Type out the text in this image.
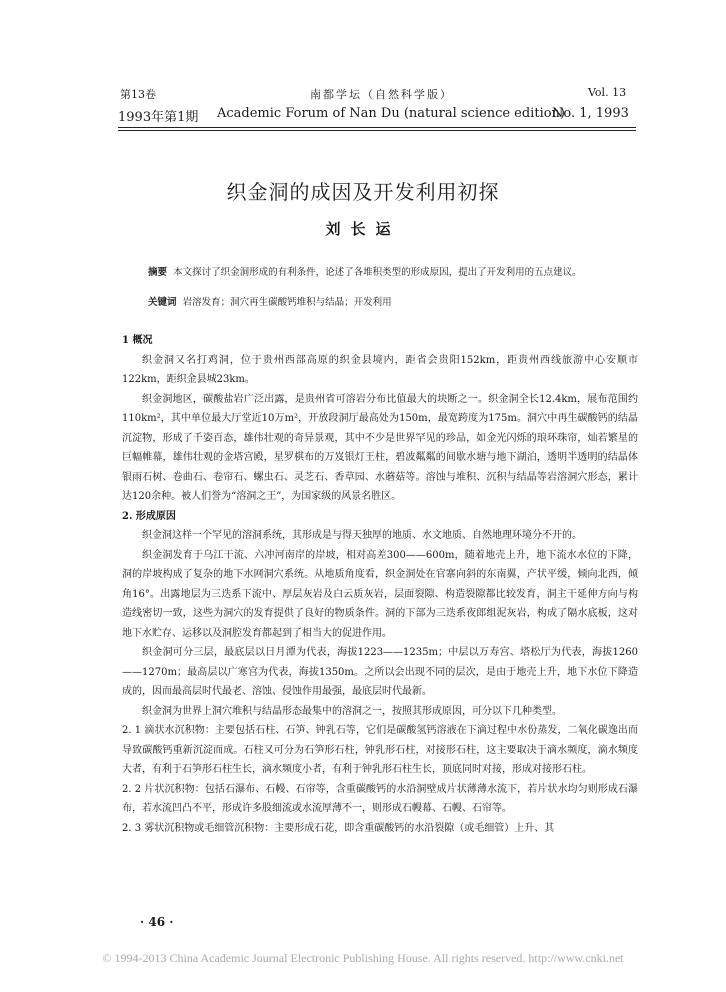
第13卷	南都学坛（自然科学版）	Vol. 13
1993年第1期 Academic Forum of Nan Du (natural science edition)
No. 1, 1993
织金洞的成因及开发利用初探
刘长运
摘要 本文探讨了织金洞形成的有利条件，论述了各堆积类型的形成原因，提出了开发利用的五点建议。
关键词 岩溶发育；洞穴再生碳酸钙堆积与结晶；开发利用
1 概况

织金洞又名打鸡洞，位于贵州西部高原的织金县境内，距省会贵阳152km，距贵州西线旅游中心安顺市122km，距织金县城23km。

织金洞地区，碳酸盐岩广泛出露，是贵州省可溶岩分布比值最大的块断之一。织金洞全长12.4km，展布范围约110km²，其中单位最大厅堂近10万m²，开放段洞厅最高处为150m，最宽跨度为175m。洞穴中再生碳酸钙的结晶沉淀物，形成了千姿百态，雄伟壮观的奇异景观，其中不少是世界罕见的珍品，如金光闪烁的琅环珠帘，灿若繁星的巨幅帷幕，雄伟壮观的金塔宫殿，星罗棋布的万岌银灯王柱，碧波粼粼的间歇水塘与地下湖泊，透明半透明的结晶体银雨石树、卷曲石、卷帘石、螺虫石、灵芝石、香草园、水蘑菇等。溶蚀与堆积、沉积与结晶等岩溶洞穴形态，累计达120余种。被人们誉为“溶洞之王”，为国家级的风景名胜区。

2. 形成原因

织金洞这样一个罕见的溶洞系统，其形成是与得天独厚的地质、水文地质、自然地理环境分不开的。

织金洞发育于乌江干流、六冲河南岸的岸坡，相对高差300——600m，随着地壳上升，地下流水水位的下降，洞的岸坡构成了复杂的地下水网洞穴系统。从地质角度看，织金洞处在官寨向斜的东南翼，产状平缓，倾向北西，倾角16°。出露地层为三迭系下流中、厚层灰岩及白云质灰岩，层面裂隙、构造裂隙都比较发育，洞主干延伸方向与构造线密切一致，这些为洞穴的发育提供了良好的物质条件。洞的下部为三迭系夜郎组泥灰岩，构成了隔水底板，这对地下水贮存、运移以及洞腔发育都起到了相当大的促进作用。

织金洞可分三层，最底层以日月潭为代表，海拔1223——1235m；中层以万寿宫、塔松厅为代表，海拔1260——1270m；最高层以广寒宫为代表，海拔1350m。之所以会出现不同的层次，是由于地壳上升，地下水位下降造成的，因而最高层时代最老、溶蚀、侵蚀作用最强，最底层时代最新。

织金洞为世界上洞穴堆积与结晶形态最集中的溶洞之一，按照其形成原因，可分以下几种类型。

2. 1 滴状水沉积物：主要包括石柱、石笋、钟乳石等，它们是碳酸氢钙溶液在下滴过程中水份蒸发，二氧化碳逸出而导致碳酸钙重新沉淀而成。石柱又可分为石笋形石柱，钟乳形石柱，对接形石柱，这主要取决于滴水频度，滴水频度大者，有利于石笋形石柱生长，滴水频度小者，有利于钟乳形石柱生长，顶底同时对接，形成对接形石柱。

2. 2 片状沉积物：包括石瀑布、石幔、石帘等，含重碳酸钙的水沿洞壁成片状薄薄水流下，若片状水均匀则形成石瀑布，若水流凹凸不平，形成许多股细流或水流厚薄不一，则形成石幔幕、石幔、石帘等。

2. 3 雾状沉积物或毛细管沉积物：主要形成石花，即含重碳酸钙的水沿裂隙（或毛细管）上升、其

· 46 ·
© 1994-2013 China Academic Journal Electronic Publishing House. All rights reserved. http://www.cnki.net
